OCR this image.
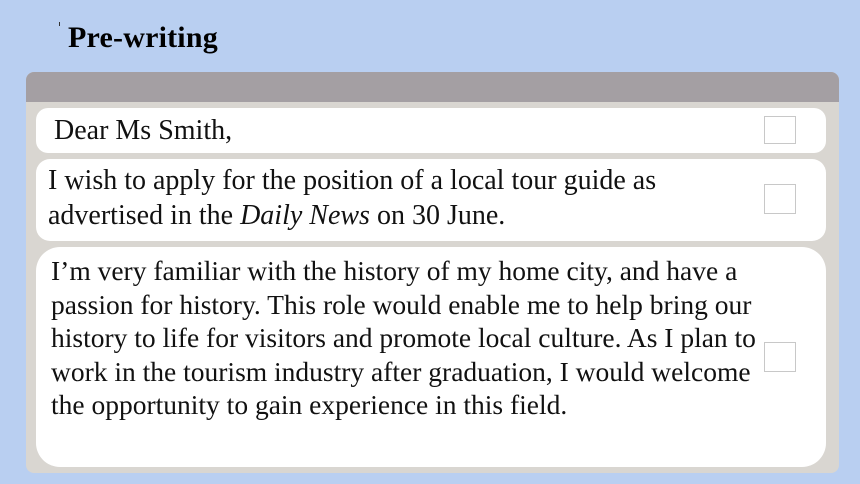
Pre-writing
Dear Ms Smith,
I wish to apply for the position of a local tour guide as advertised in the Daily News on 30 June.
I’m very familiar with the history of my home city, and have a passion for history. This role would enable me to help bring our history to life for visitors and promote local culture. As I plan to work in the tourism industry after graduation, I would welcome the opportunity to gain experience in this field.
